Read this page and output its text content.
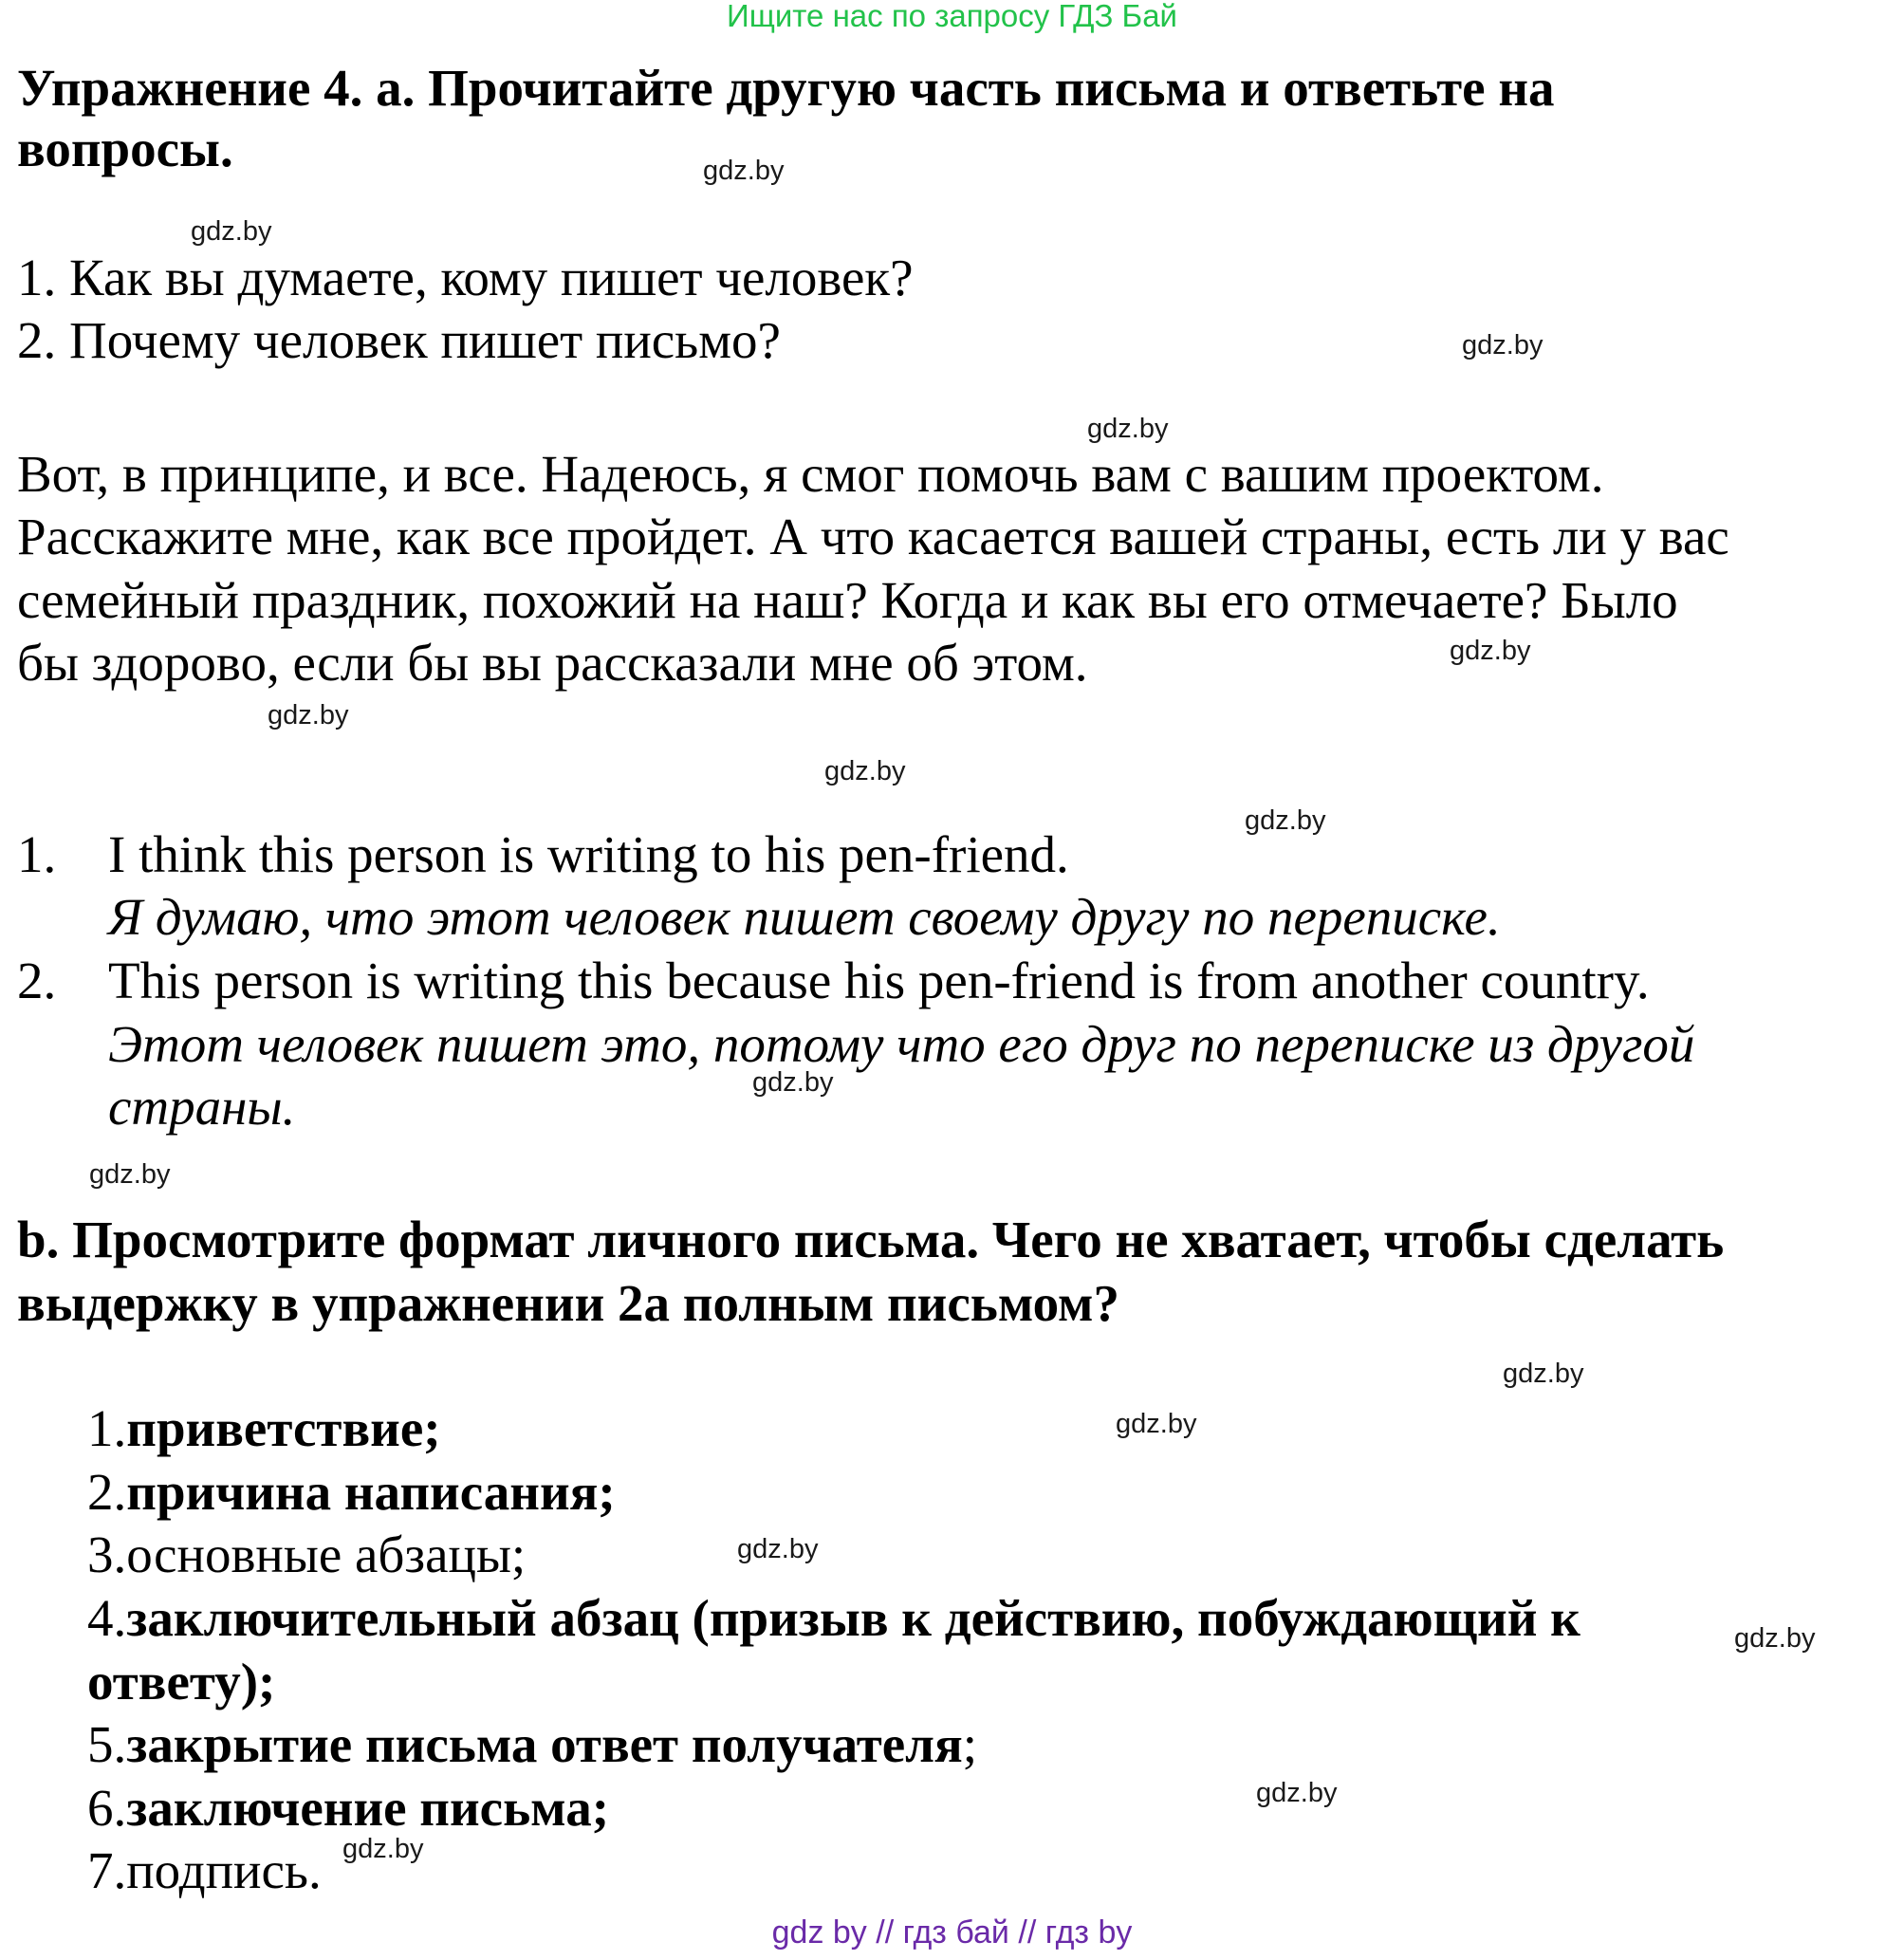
Ищите нас по запросу ГДЗ Бай
Упражнение 4. a. Прочитайте другую часть письма и ответьте на
вопросы.
1. Как вы думаете, кому пишет человек?
2. Почему человек пишет письмо?
Вот, в принципе, и все. Надеюсь, я смог помочь вам с вашим проектом.
Расскажите мне, как все пройдет. А что касается вашей страны, есть ли у вас
семейный праздник, похожий на наш? Когда и как вы его отмечаете? Было
бы здорово, если бы вы рассказали мне об этом.
1. I think this person is writing to his pen-friend.
Я думаю, что этот человек пишет своему другу по переписке.
2. This person is writing this because his pen-friend is from another country.
Этот человек пишет это, потому что его друг по переписке из другой
страны.
b. Просмотрите формат личного письма. Чего не хватает, чтобы сделать
выдержку в упражнении 2a полным письмом?
1.приветствие;
2.причина написания;
3.основные абзацы;
4.заключительный абзац (призыв к действию, побуждающий к
ответу);
5.закрытие письма ответ получателя;
6.заключение письма;
7.подпись.
gdz.by
gdz.by
gdz.by
gdz.by
gdz.by
gdz.by
gdz.by
gdz.by
gdz.by
gdz.by
gdz.by
gdz.by
gdz.by
gdz.by
gdz.by
gdz.by
gdz by // гдз бай // гдз by
